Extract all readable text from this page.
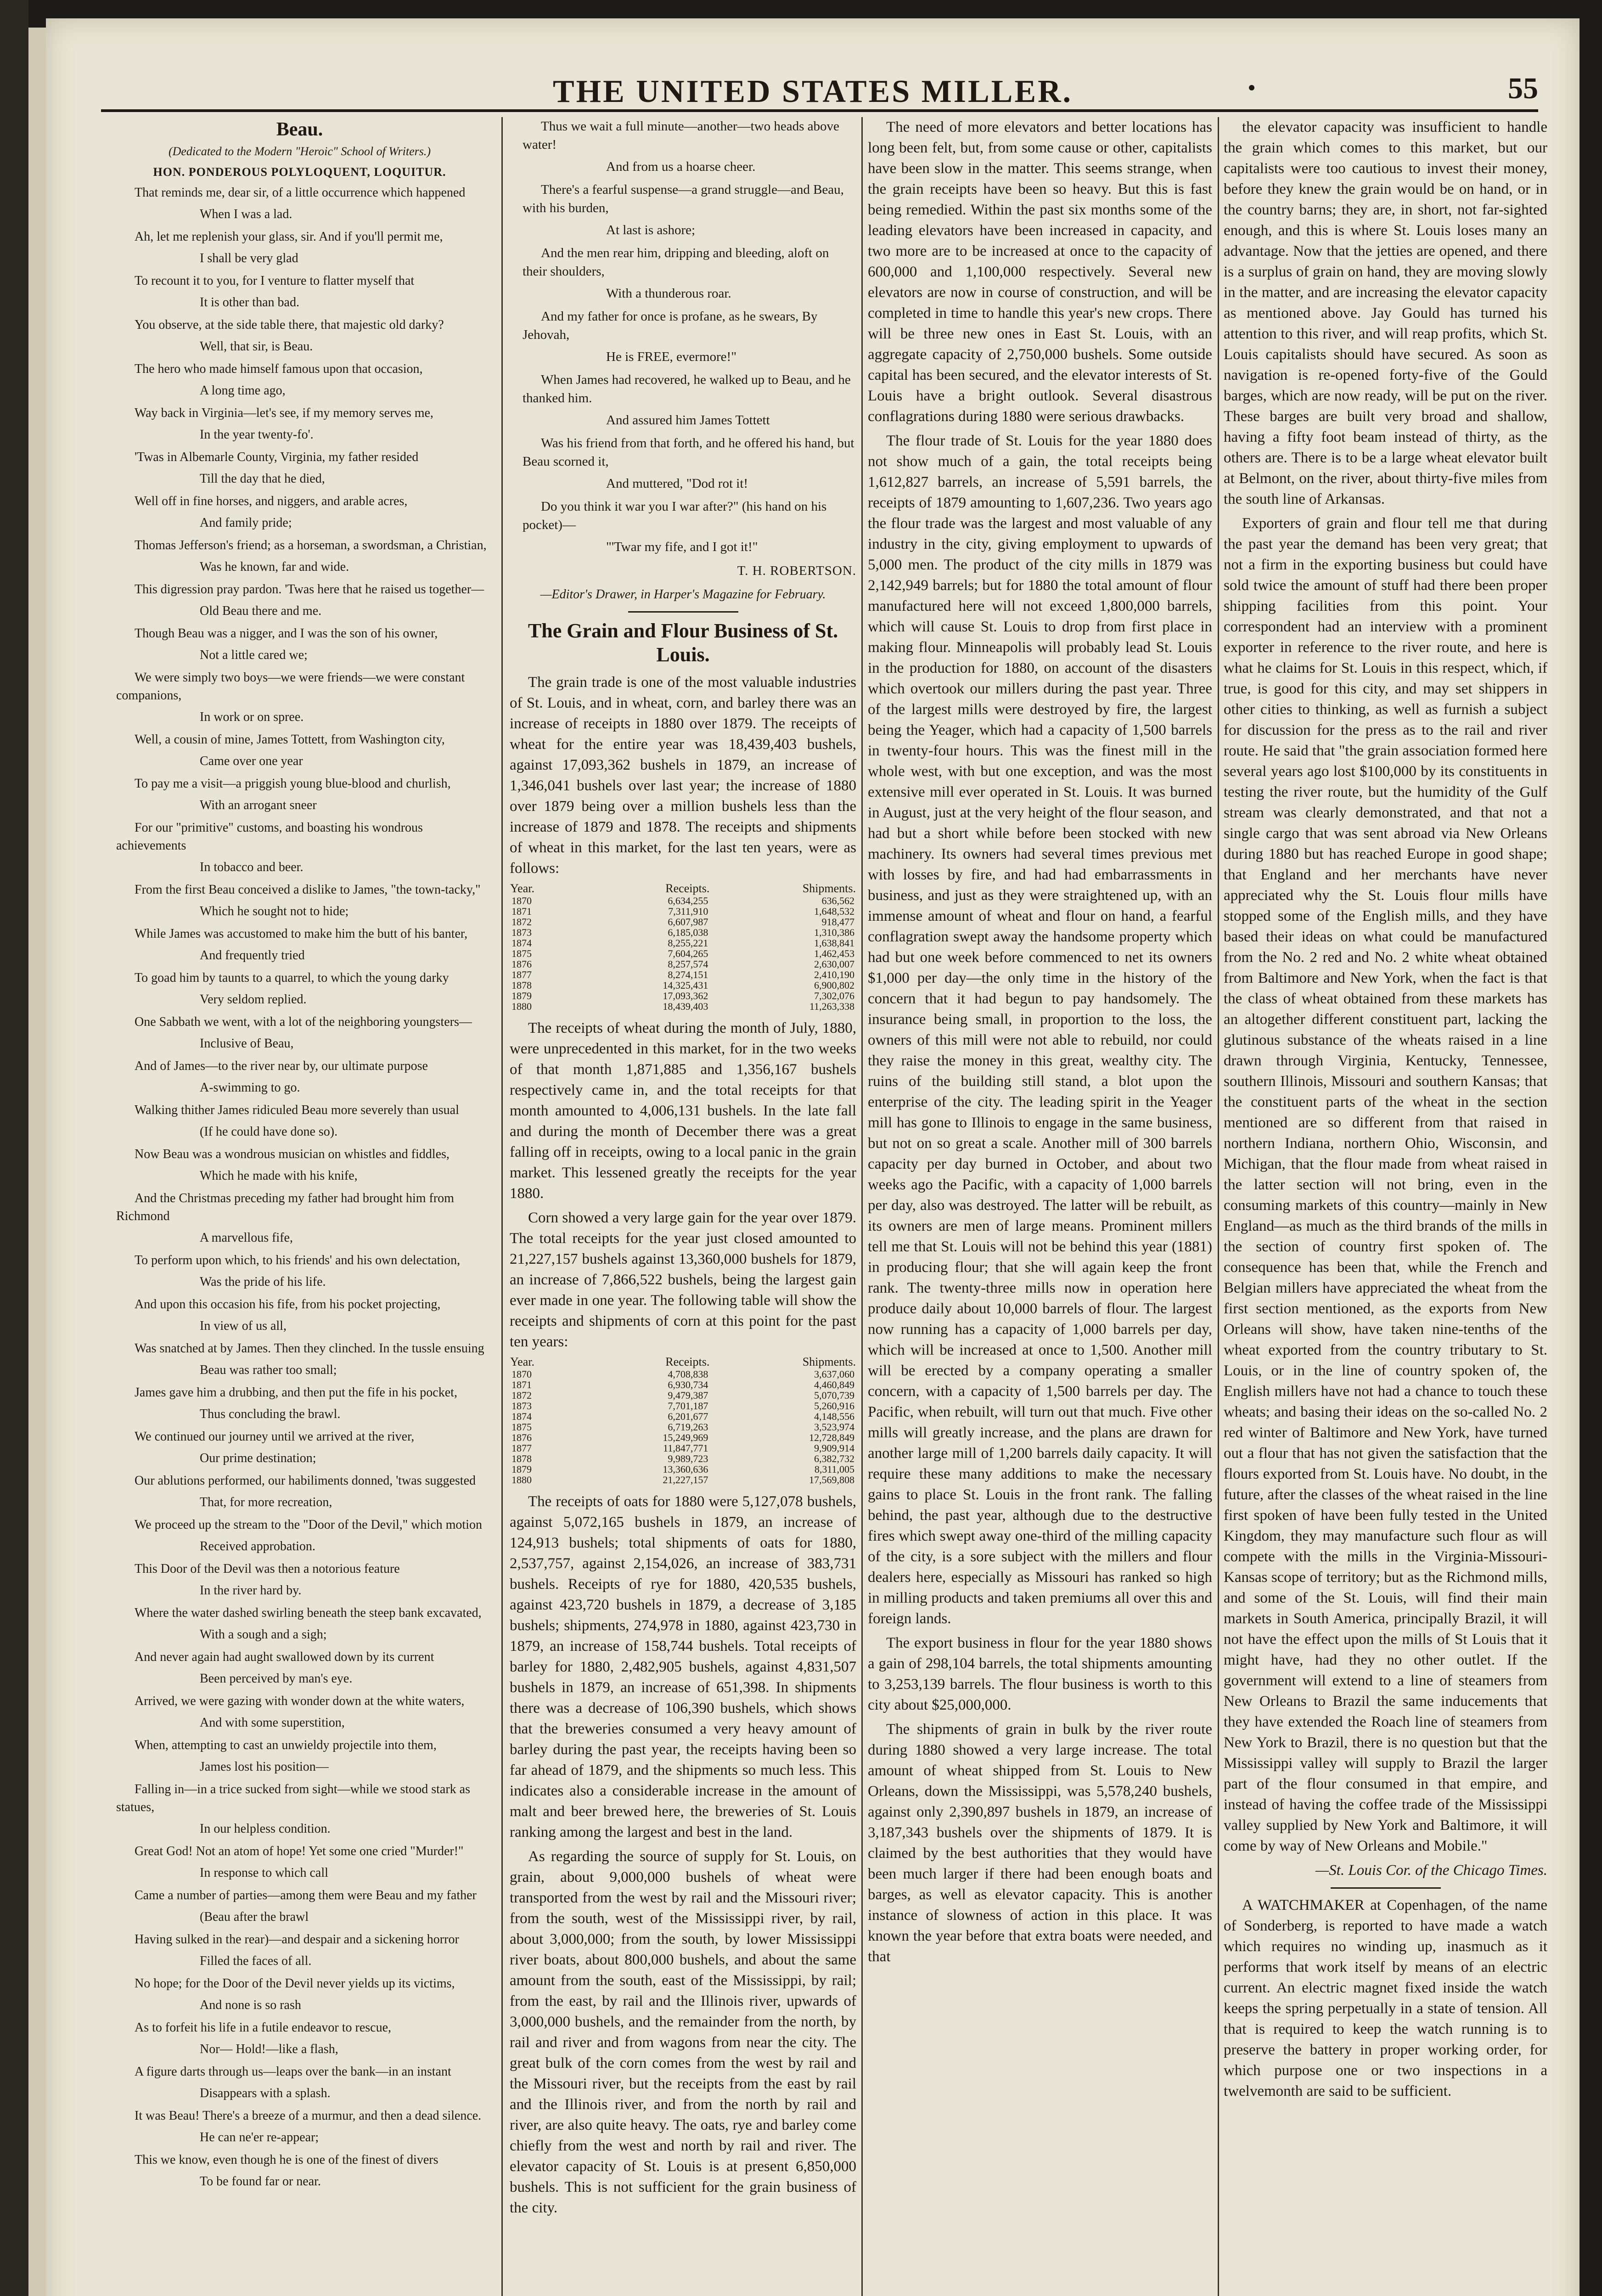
THE UNITED STATES MILLER.	55
Beau.
(Dedicated to the Modern "Heroic" School of Writers.)
HON. PONDEROUS POLYLOQUENT, LOQUITUR.

That reminds me, dear sir, of a little occurrence which happened

When I was a lad.

Ah, let me replenish your glass, sir. And if you'll permit me,

I shall be very glad

To recount it to you, for I venture to flatter myself that

It is other than bad.

You observe, at the side table there, that majestic old darky?

Well, that sir, is Beau.

The hero who made himself famous upon that occasion,

A long time ago,

Way back in Virginia—let's see, if my memory serves me,

In the year twenty-fo'.

'Twas in Albemarle County, Virginia, my father resided

Till the day that he died,

Well off in fine horses, and niggers, and arable acres,

And family pride;

Thomas Jefferson's friend; as a horseman, a swordsman, a Christian,

Was he known, far and wide.

This digression pray pardon. 'Twas here that he raised us together—

Old Beau there and me.

Though Beau was a nigger, and I was the son of his owner,

Not a little cared we;

We were simply two boys—we were friends—we were constant companions,

In work or on spree.

Well, a cousin of mine, James Tottett, from Washington city,

Came over one year

To pay me a visit—a priggish young blue-blood and churlish,

With an arrogant sneer

For our "primitive" customs, and boasting his wondrous achievements

In tobacco and beer.

From the first Beau conceived a dislike to James, "the town-tacky,"

Which he sought not to hide;

While James was accustomed to make him the butt of his banter,

And frequently tried

To goad him by taunts to a quarrel, to which the young darky

Very seldom replied.

One Sabbath we went, with a lot of the neighboring youngsters—

Inclusive of Beau,

And of James—to the river near by, our ultimate purpose

A-swimming to go.

Walking thither James ridiculed Beau more severely than usual

(If he could have done so).

Now Beau was a wondrous musician on whistles and fiddles,

Which he made with his knife,

And the Christmas preceding my father had brought him from Richmond

A marvellous fife,

To perform upon which, to his friends' and his own delectation,

Was the pride of his life.

And upon this occasion his fife, from his pocket projecting,

In view of us all,

Was snatched at by James. Then they clinched. In the tussle ensuing

Beau was rather too small;

James gave him a drubbing, and then put the fife in his pocket,

Thus concluding the brawl.

We continued our journey until we arrived at the river,

Our prime destination;

Our ablutions performed, our habiliments donned, 'twas suggested

That, for more recreation,

We proceed up the stream to the "Door of the Devil," which motion

Received approbation.

This Door of the Devil was then a notorious feature

In the river hard by.

Where the water dashed swirling beneath the steep bank excavated,

With a sough and a sigh;

And never again had aught swallowed down by its current

Been perceived by man's eye.

Arrived, we were gazing with wonder down at the white waters,

And with some superstition,

When, attempting to cast an unwieldy projectile into them,

James lost his position—

Falling in—in a trice sucked from sight—while we stood stark as statues,

In our helpless condition.

Great God! Not an atom of hope! Yet some one cried "Murder!"

In response to which call

Came a number of parties—among them were Beau and my father

(Beau after the brawl

Having sulked in the rear)—and despair and a sickening horror

Filled the faces of all.

No hope; for the Door of the Devil never yields up its victims,

And none is so rash

As to forfeit his life in a futile endeavor to rescue,

Nor— Hold!—like a flash,

A figure darts through us—leaps over the bank—in an instant

Disappears with a splash.

It was Beau! There's a breeze of a murmur, and then a dead silence.

He can ne'er re-appear;

This we know, even though he is one of the finest of divers

To be found far or near.

Thus we wait a full minute—another—two heads above water!

And from us a hoarse cheer.

There's a fearful suspense—a grand struggle—and Beau, with his burden,

At last is ashore;

And the men rear him, dripping and bleeding, aloft on their shoulders,

With a thunderous roar.

And my father for once is profane, as he swears, By Jehovah,

He is FREE, evermore!"

When James had recovered, he walked up to Beau, and he thanked him.

And assured him James Tottett

Was his friend from that forth, and he offered his hand, but Beau scorned it,

And muttered, "Dod rot it!

Do you think it war you I war after?" (his hand on his pocket)—

"'Twar my fife, and I got it!"

T. H. ROBERTSON.
—Editor's Drawer, in Harper's Magazine for February.
The Grain and Flour Business of St. Louis.

The grain trade is one of the most valuable industries of St. Louis, and in wheat, corn, and barley there was an increase of receipts in 1880 over 1879. The receipts of wheat for the entire year was 18,439,403 bushels, against 17,093,362 bushels in 1879, an increase of 1,346,041 bushels over last year; the increase of 1880 over 1879 being over a million bushels less than the increase of 1879 and 1878. The receipts and shipments of wheat in this market, for the last ten years, were as follows:

Year.	Receipts.	Shipments.
1870	6,634,255	636,562
1871	7,311,910	1,648,532
1872	6,607,987	918,477
1873	6,185,038	1,310,386
1874	8,255,221	1,638,841
1875	7,604,265	1,462,453
1876	8,257,574	2,630,007
1877	8,274,151	2,410,190
1878	14,325,431	6,900,802
1879	17,093,362	7,302,076
1880	18,439,403	11,263,338

The receipts of wheat during the month of July, 1880, were unprecedented in this market, for in the two weeks of that month 1,871,885 and 1,356,167 bushels respectively came in, and the total receipts for that month amounted to 4,006,131 bushels. In the late fall and during the month of December there was a great falling off in receipts, owing to a local panic in the grain market. This lessened greatly the receipts for the year 1880.

Corn showed a very large gain for the year over 1879. The total receipts for the year just closed amounted to 21,227,157 bushels against 13,360,000 bushels for 1879, an increase of 7,866,522 bushels, being the largest gain ever made in one year. The following table will show the receipts and shipments of corn at this point for the past ten years:

Year.	Receipts.	Shipments.
1870	4,708,838	3,637,060
1871	6,930,734	4,460,849
1872	9,479,387	5,070,739
1873	7,701,187	5,260,916
1874	6,201,677	4,148,556
1875	6,719,263	3,523,974
1876	15,249,969	12,728,849
1877	11,847,771	9,909,914
1878	9,989,723	6,382,732
1879	13,360,636	8,311,005
1880	21,227,157	17,569,808

The receipts of oats for 1880 were 5,127,078 bushels, against 5,072,165 bushels in 1879, an increase of 124,913 bushels; total shipments of oats for 1880, 2,537,757, against 2,154,026, an increase of 383,731 bushels. Receipts of rye for 1880, 420,535 bushels, against 423,720 bushels in 1879, a decrease of 3,185 bushels; shipments, 274,978 in 1880, against 423,730 in 1879, an increase of 158,744 bushels. Total receipts of barley for 1880, 2,482,905 bushels, against 4,831,507 bushels in 1879, an increase of 651,398. In shipments there was a decrease of 106,390 bushels, which shows that the breweries consumed a very heavy amount of barley during the past year, the receipts having been so far ahead of 1879, and the shipments so much less. This indicates also a considerable increase in the amount of malt and beer brewed here, the breweries of St. Louis ranking among the largest and best in the land.

As regarding the source of supply for St. Louis, on grain, about 9,000,000 bushels of wheat were transported from the west by rail and the Missouri river; from the south, west of the Mississippi river, by rail, about 3,000,000; from the south, by lower Mississippi river boats, about 800,000 bushels, and about the same amount from the south, east of the Mississippi, by rail; from the east, by rail and the Illinois river, upwards of 3,000,000 bushels, and the remainder from the north, by rail and river and from wagons from near the city. The great bulk of the corn comes from the west by rail and the Missouri river, but the receipts from the east by rail and the Illinois river, and from the north by rail and river, are also quite heavy. The oats, rye and barley come chiefly from the west and north by rail and river. The elevator capacity of St. Louis is at present 6,850,000 bushels. This is not sufficient for the grain business of the city.

The need of more elevators and better locations has long been felt, but, from some cause or other, capitalists have been slow in the matter. This seems strange, when the grain receipts have been so heavy. But this is fast being remedied. Within the past six months some of the leading elevators have been increased in capacity, and two more are to be increased at once to the capacity of 600,000 and 1,100,000 respectively. Several new elevators are now in course of construction, and will be completed in time to handle this year's new crops. There will be three new ones in East St. Louis, with an aggregate capacity of 2,750,000 bushels. Some outside capital has been secured, and the elevator interests of St. Louis have a bright outlook. Several disastrous conflagrations during 1880 were serious drawbacks.

The flour trade of St. Louis for the year 1880 does not show much of a gain, the total receipts being 1,612,827 barrels, an increase of 5,591 barrels, the receipts of 1879 amounting to 1,607,236. Two years ago the flour trade was the largest and most valuable of any industry in the city, giving employment to upwards of 5,000 men. The product of the city mills in 1879 was 2,142,949 barrels; but for 1880 the total amount of flour manufactured here will not exceed 1,800,000 barrels, which will cause St. Louis to drop from first place in making flour. Minneapolis will probably lead St. Louis in the production for 1880, on account of the disasters which overtook our millers during the past year. Three of the largest mills were destroyed by fire, the largest being the Yeager, which had a capacity of 1,500 barrels in twenty-four hours. This was the finest mill in the whole west, with but one exception, and was the most extensive mill ever operated in St. Louis. It was burned in August, just at the very height of the flour season, and had but a short while before been stocked with new machinery. Its owners had several times previous met with losses by fire, and had had embarrassments in business, and just as they were straightened up, with an immense amount of wheat and flour on hand, a fearful conflagration swept away the handsome property which had but one week before commenced to net its owners $1,000 per day—the only time in the history of the concern that it had begun to pay handsomely. The insurance being small, in proportion to the loss, the owners of this mill were not able to rebuild, nor could they raise the money in this great, wealthy city. The ruins of the building still stand, a blot upon the enterprise of the city. The leading spirit in the Yeager mill has gone to Illinois to engage in the same business, but not on so great a scale. Another mill of 300 barrels capacity per day burned in October, and about two weeks ago the Pacific, with a capacity of 1,000 barrels per day, also was destroyed. The latter will be rebuilt, as its owners are men of large means. Prominent millers tell me that St. Louis will not be behind this year (1881) in producing flour; that she will again keep the front rank. The twenty-three mills now in operation here produce daily about 10,000 barrels of flour. The largest now running has a capacity of 1,000 barrels per day, which will be increased at once to 1,500. Another mill will be erected by a company operating a smaller concern, with a capacity of 1,500 barrels per day. The Pacific, when rebuilt, will turn out that much. Five other mills will greatly increase, and the plans are drawn for another large mill of 1,200 barrels daily capacity. It will require these many additions to make the necessary gains to place St. Louis in the front rank. The falling behind, the past year, although due to the destructive fires which swept away one-third of the milling capacity of the city, is a sore subject with the millers and flour dealers here, especially as Missouri has ranked so high in milling products and taken premiums all over this and foreign lands.

The export business in flour for the year 1880 shows a gain of 298,104 barrels, the total shipments amounting to 3,253,139 barrels. The flour business is worth to this city about $25,000,000.

The shipments of grain in bulk by the river route during 1880 showed a very large increase. The total amount of wheat shipped from St. Louis to New Orleans, down the Mississippi, was 5,578,240 bushels, against only 2,390,897 bushels in 1879, an increase of 3,187,343 bushels over the shipments of 1879. It is claimed by the best authorities that they would have been much larger if there had been enough boats and barges, as well as elevator capacity. This is another instance of slowness of action in this place. It was known the year before that extra boats were needed, and that

the elevator capacity was insufficient to handle the grain which comes to this market, but our capitalists were too cautious to invest their money, before they knew the grain would be on hand, or in the country barns; they are, in short, not far-sighted enough, and this is where St. Louis loses many an advantage. Now that the jetties are opened, and there is a surplus of grain on hand, they are moving slowly in the matter, and are increasing the elevator capacity as mentioned above. Jay Gould has turned his attention to this river, and will reap profits, which St. Louis capitalists should have secured. As soon as navigation is re-opened forty-five of the Gould barges, which are now ready, will be put on the river. These barges are built very broad and shallow, having a fifty foot beam instead of thirty, as the others are. There is to be a large wheat elevator built at Belmont, on the river, about thirty-five miles from the south line of Arkansas.

Exporters of grain and flour tell me that during the past year the demand has been very great; that not a firm in the exporting business but could have sold twice the amount of stuff had there been proper shipping facilities from this point. Your correspondent had an interview with a prominent exporter in reference to the river route, and here is what he claims for St. Louis in this respect, which, if true, is good for this city, and may set shippers in other cities to thinking, as well as furnish a subject for discussion for the press as to the rail and river route. He said that "the grain association formed here several years ago lost $100,000 by its constituents in testing the river route, but the humidity of the Gulf stream was clearly demonstrated, and that not a single cargo that was sent abroad via New Orleans during 1880 but has reached Europe in good shape; that England and her merchants have never appreciated why the St. Louis flour mills have stopped some of the English mills, and they have based their ideas on what could be manufactured from the No. 2 red and No. 2 white wheat obtained from Baltimore and New York, when the fact is that the class of wheat obtained from these markets has an altogether different constituent part, lacking the glutinous substance of the wheats raised in a line drawn through Virginia, Kentucky, Tennessee, southern Illinois, Missouri and southern Kansas; that the constituent parts of the wheat in the section mentioned are so different from that raised in northern Indiana, northern Ohio, Wisconsin, and Michigan, that the flour made from wheat raised in the latter section will not bring, even in the consuming markets of this country—mainly in New England—as much as the third brands of the mills in the section of country first spoken of. The consequence has been that, while the French and Belgian millers have appreciated the wheat from the first section mentioned, as the exports from New Orleans will show, have taken nine-tenths of the wheat exported from the country tributary to St. Louis, or in the line of country spoken of, the English millers have not had a chance to touch these wheats; and basing their ideas on the so-called No. 2 red winter of Baltimore and New York, have turned out a flour that has not given the satisfaction that the flours exported from St. Louis have. No doubt, in the future, after the classes of the wheat raised in the line first spoken of have been fully tested in the United Kingdom, they may manufacture such flour as will compete with the mills in the Virginia-Missouri-Kansas scope of territory; but as the Richmond mills, and some of the St. Louis, will find their main markets in South America, principally Brazil, it will not have the effect upon the mills of St Louis that it might have, had they no other outlet. If the government will extend to a line of steamers from New Orleans to Brazil the same inducements that they have extended the Roach line of steamers from New York to Brazil, there is no question but that the Mississippi valley will supply to Brazil the larger part of the flour consumed in that empire, and instead of having the coffee trade of the Mississippi valley supplied by New York and Baltimore, it will come by way of New Orleans and Mobile."

—St. Louis Cor. of the Chicago Times.

A WATCHMAKER at Copenhagen, of the name of Sonderberg, is reported to have made a watch which requires no winding up, inasmuch as it performs that work itself by means of an electric current. An electric magnet fixed inside the watch keeps the spring perpetually in a state of tension. All that is required to keep the watch running is to preserve the battery in proper working order, for which purpose one or two inspections in a twelvemonth are said to be sufficient.
